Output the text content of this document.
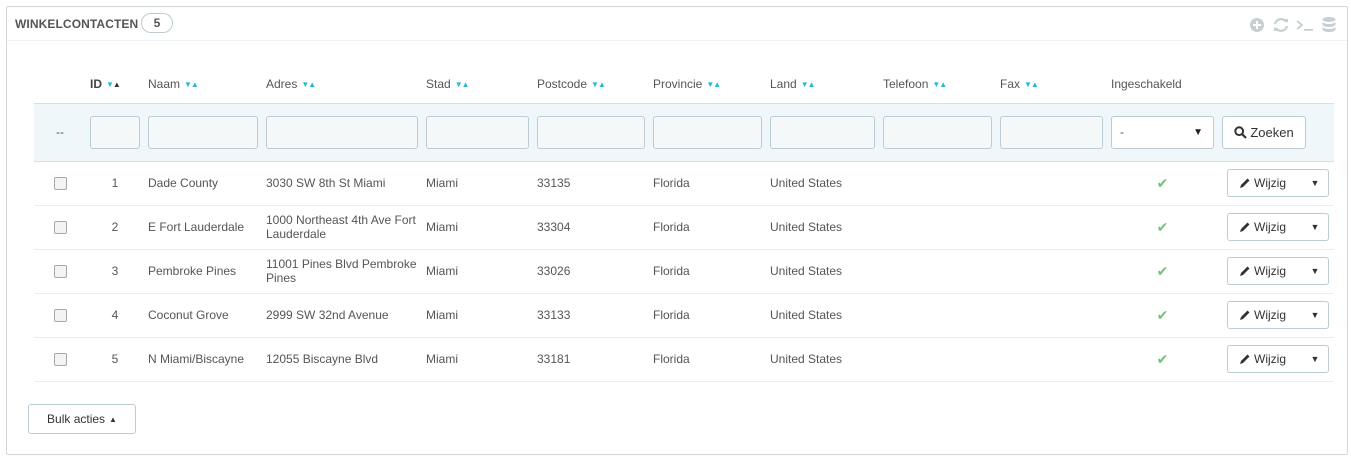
WINKELCONTACTEN	5
	ID ▼▲	Naam ▼▲	Adres ▼▲	Stad ▼▲	Postcode ▼▲	Provincie ▼▲	Land ▼▲	Telefoon ▼▲	Fax ▼▲	Ingeschakeld	
--										- ▼	Zoeken

	1	Dade County	3030 SW 8th St Miami	Miami	33135	Florida	United States			✔	Wijzig ▼

	2	E Fort Lauderdale	1000 Northeast 4th Ave Fort Lauderdale	Miami	33304	Florida	United States			✔	Wijzig ▼

	3	Pembroke Pines	11001 Pines Blvd Pembroke Pines	Miami	33026	Florida	United States			✔	Wijzig ▼

	4	Coconut Grove	2999 SW 32nd Avenue	Miami	33133	Florida	United States			✔	Wijzig ▼

	5	N Miami/Biscayne	12055 Biscayne Blvd	Miami	33181	Florida	United States			✔	Wijzig ▼
Bulk acties ▲
